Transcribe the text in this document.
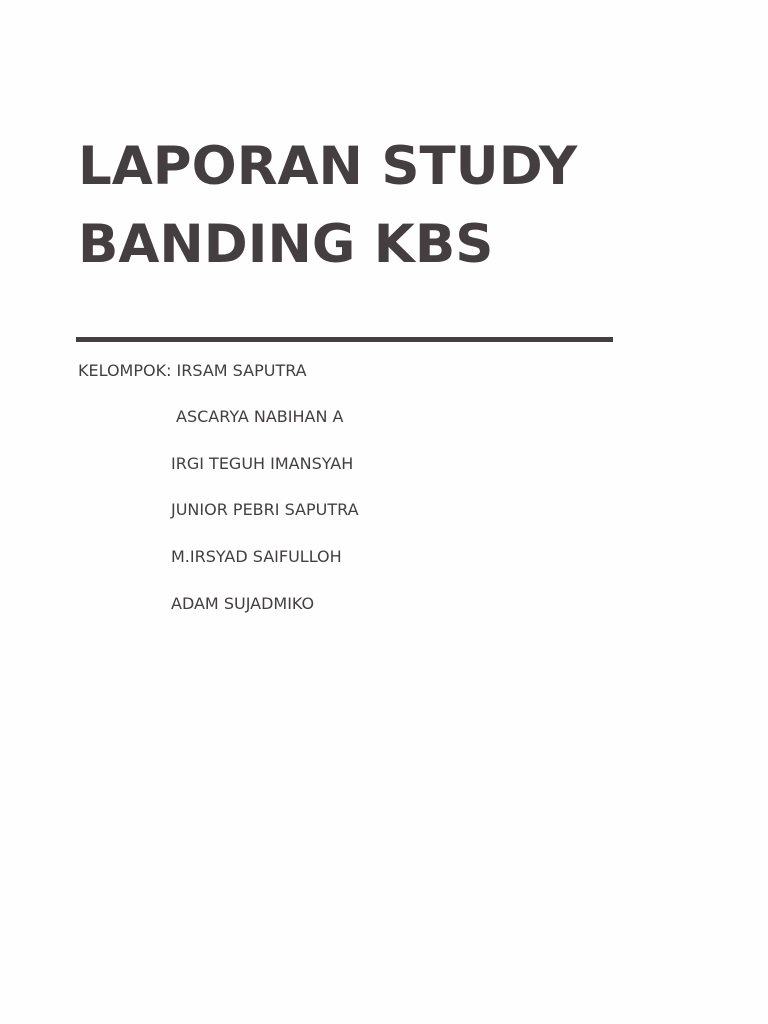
LAPORAN STUDY
BANDING KBS
KELOMPOK: IRSAM SAPUTRA
ASCARYA NABIHAN A
IRGI TEGUH IMANSYAH
JUNIOR PEBRI SAPUTRA
M.IRSYAD SAIFULLOH
ADAM SUJADMIKO
